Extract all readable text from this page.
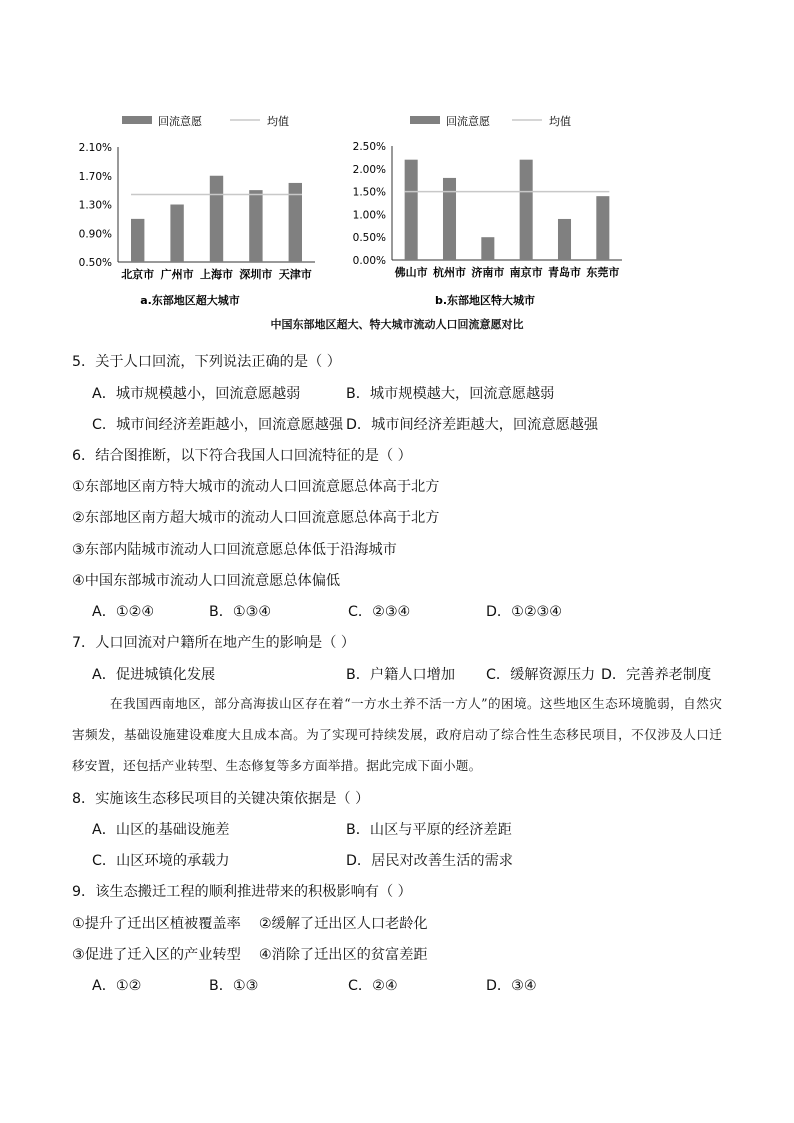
回流意愿	均值
a.东部地区超大城市
2.10%
1.70%
1.30%
0.90%
0.50%
北京市 广州市 上海市 深圳市 天津市
回流意愿	均值
b.东部地区特大城市
2.50%
2.00%
1.50%
1.00%
0.50%
0.00%
佛山市 杭州市 济南市 南京市 青岛市 东莞市
中国东部地区超大、特大城市流动人口回流意愿对比
5．关于人口回流，下列说法正确的是（ ）
A．城市规模越小，回流意愿越弱	B．城市规模越大，回流意愿越弱
C．城市间经济差距越小，回流意愿越强 D．城市间经济差距越大，回流意愿越强
6．结合图推断，以下符合我国人口回流特征的是（ ）
①东部地区南方特大城市的流动人口回流意愿总体高于北方
②东部地区南方超大城市的流动人口回流意愿总体高于北方
③东部内陆城市流动人口回流意愿总体低于沿海城市
④中国东部城市流动人口回流意愿总体偏低
A．①②④	B．①③④	C．②③④	D．①②③④
7．人口回流对户籍所在地产生的影响是（ ）
A．促进城镇化发展	B．户籍人口增加 C．缓解资源压力 D．完善养老制度
在我国西南地区，部分高海拔山区存在着“一方水土养不活一方人”的困境。这些地区生态环境脆弱，自然灾害频发，基础设施建设难度大且成本高。为了实现可持续发展，政府启动了综合性生态移民项目，不仅涉及人口迁移安置，还包括产业转型、生态修复等多方面举措。据此完成下面小题。
8．实施该生态移民项目的关键决策依据是（ ）
A．山区的基础设施差	B．山区与平原的经济差距
C．山区环境的承载力	D．居民对改善生活的需求
9．该生态搬迁工程的顺利推进带来的积极影响有（ ）
①提升了迁出区植被覆盖率    ②缓解了迁出区人口老龄化
③促进了迁入区的产业转型    ④消除了迁出区的贫富差距
A．①②	B．①③	C．②④	D．③④
